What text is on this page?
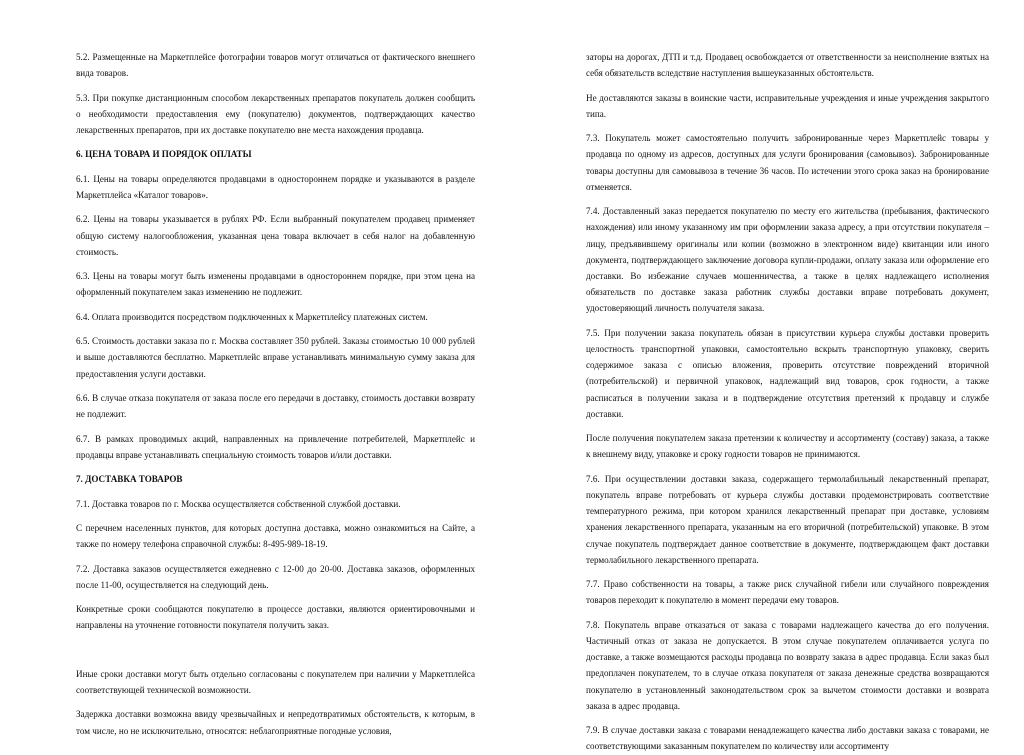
5.2. Размещенные на Маркетплейсе фотографии товаров могут отличаться от фактического внешнего вида товаров.

5.3. При покупке дистанционным способом лекарственных препаратов покупатель должен сообщить о необходимости предоставления ему (покупателю) документов, подтверждающих качество лекарственных препаратов, при их доставке покупателю вне места нахождения продавца.

6. ЦЕНА ТОВАРА И ПОРЯДОК ОПЛАТЫ

6.1. Цены на товары определяются продавцами в одностороннем порядке и указываются в разделе Маркетплейса «Каталог товаров».

6.2. Цены на товары указывается в рублях РФ. Если выбранный покупателем продавец применяет общую систему налогообложения, указанная цена товара включает в себя налог на добавленную стоимость.

6.3. Цены на товары могут быть изменены продавцами в одностороннем порядке, при этом цена на оформленный покупателем заказ изменению не подлежит.

6.4. Оплата производится посредством подключенных к Маркетплейсу платежных систем.

6.5. Стоимость доставки заказа по г. Москва составляет 350 рублей. Заказы стоимостью 10 000 рублей и выше доставляются бесплатно. Маркетплейс вправе устанавливать минимальную сумму заказа для предоставления услуги доставки.

6.6. В случае отказа покупателя от заказа после его передачи в доставку, стоимость доставки возврату не подлежит.

6.7. В рамках проводимых акций, направленных на привлечение потребителей, Маркетплейс и продавцы вправе устанавливать специальную стоимость товаров и/или доставки.

7. ДОСТАВКА ТОВАРОВ

7.1. Доставка товаров по г. Москва осуществляется собственной службой доставки.

С перечнем населенных пунктов, для которых доступна доставка, можно ознакомиться на Сайте, а также по номеру телефона справочной службы: 8-495-989-18-19.

7.2. Доставка заказов осуществляется ежедневно с 12-00 до 20-00. Доставка заказов, оформленных после 11-00, осуществляется на следующий день.

Конкретные сроки сообщаются покупателю в процессе доставки, являются ориентировочными и направлены на уточнение готовности покупателя получить заказ.

Иные сроки доставки могут быть отдельно согласованы с покупателем при наличии у Маркетплейса соответствующей технической возможности.

Задержка доставки возможна ввиду чрезвычайных и непредотвратимых обстоятельств, к которым, в том числе, но не исключительно, относятся: неблагоприятные погодные условия,

заторы на дорогах, ДТП и т.д. Продавец освобождается от ответственности за неисполнение взятых на себя обязательств вследствие наступления вышеуказанных обстоятельств.

Не доставляются заказы в воинские части, исправительные учреждения и иные учреждения закрытого типа.

7.3. Покупатель может самостоятельно получить забронированные через Маркетплейс товары у продавца по одному из адресов, доступных для услуги бронирования (самовывоз). Забронированные товары доступны для самовывоза в течение 36 часов. По истечении этого срока заказ на бронирование отменяется.

7.4. Доставленный заказ передается покупателю по месту его жительства (пребывания, фактического нахождения) или иному указанному им при оформлении заказа адресу, а при отсутствии покупателя – лицу, предъявившему оригиналы или копии (возможно в электронном виде) квитанции или иного документа, подтверждающего заключение договора купли-продажи, оплату заказа или оформление его доставки. Во избежание случаев мошенничества, а также в целях надлежащего исполнения обязательств по доставке заказа работник службы доставки вправе потребовать документ, удостоверяющий личность получателя заказа.

7.5. При получении заказа покупатель обязан в присутствии курьера службы доставки проверить целостность транспортной упаковки, самостоятельно вскрыть транспортную упаковку, сверить содержимое заказа с описью вложения, проверить отсутствие повреждений вторичной (потребительской) и первичной упаковок, надлежащий вид товаров, срок годности, а также расписаться в получении заказа и в подтверждение отсутствия претензий к продавцу и службе доставки.

После получения покупателем заказа претензии к количеству и ассортименту (составу) заказа, а также к внешнему виду, упаковке и сроку годности товаров не принимаются.

7.6. При осуществлении доставки заказа, содержащего термолабильный лекарственный препарат, покупатель вправе потребовать от курьера службы доставки продемонстрировать соответствие температурного режима, при котором хранился лекарственный препарат при доставке, условиям хранения лекарственного препарата, указанным на его вторичной (потребительской) упаковке. В этом случае покупатель подтверждает данное соответствие в документе, подтверждающем факт доставки термолабильного лекарственного препарата.

7.7. Право собственности на товары, а также риск случайной гибели или случайного повреждения товаров переходит к покупателю в момент передачи ему товаров.

7.8. Покупатель вправе отказаться от заказа с товарами надлежащего качества до его получения. Частичный отказ от заказа не допускается. В этом случае покупателем оплачивается услуга по доставке, а также возмещаются расходы продавца по возврату заказа в адрес продавца. Если заказ был предоплачен покупателем, то в случае отказа покупателя от заказа денежные средства возвращаются покупателю в установленный законодательством срок за вычетом стоимости доставки и возврата заказа в адрес продавца.

7.9. В случае доставки заказа с товарами ненадлежащего качества либо доставки заказа с товарами, не соответствующими заказанным покупателем по количеству или ассортименту
